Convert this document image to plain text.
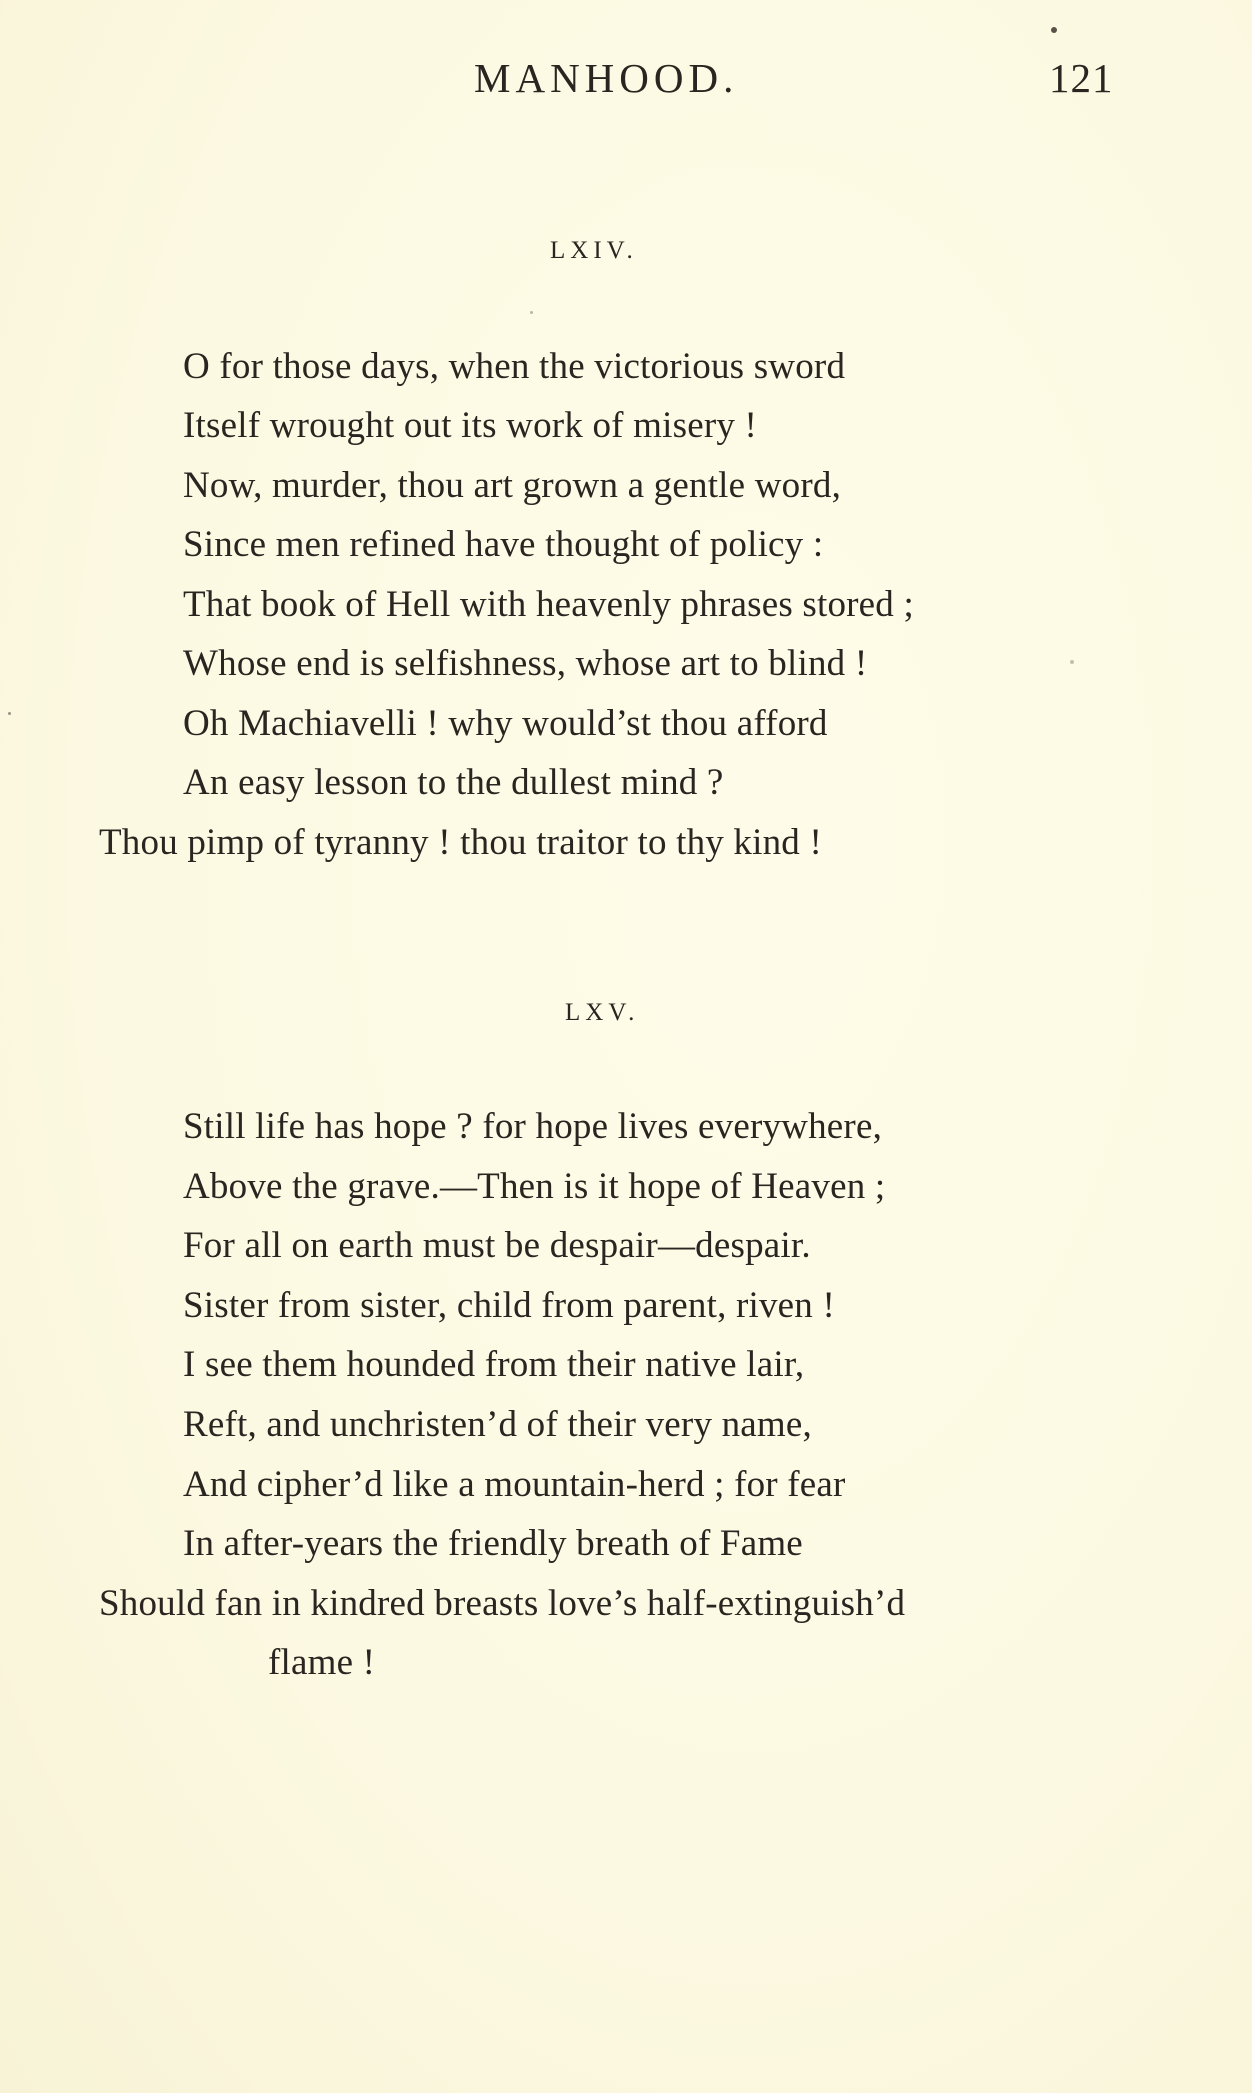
MANHOOD.	121
LXIV.
O for those days, when the victorious sword
Itself wrought out its work of misery !
Now, murder, thou art grown a gentle word,
Since men refined have thought of policy :
That book of Hell with heavenly phrases stored ;
Whose end is selfishness, whose art to blind !
Oh Machiavelli ! why would’st thou afford
An easy lesson to the dullest mind ?
Thou pimp of tyranny ! thou traitor to thy kind !
LXV.
Still life has hope ? for hope lives everywhere,
Above the grave.—Then is it hope of Heaven ;
For all on earth must be despair—despair.
Sister from sister, child from parent, riven !
I see them hounded from their native lair,
Reft, and unchristen’d of their very name,
And cipher’d like a mountain-herd ; for fear
In after-years the friendly breath of Fame
Should fan in kindred breasts love’s half-extinguish’d
flame !
